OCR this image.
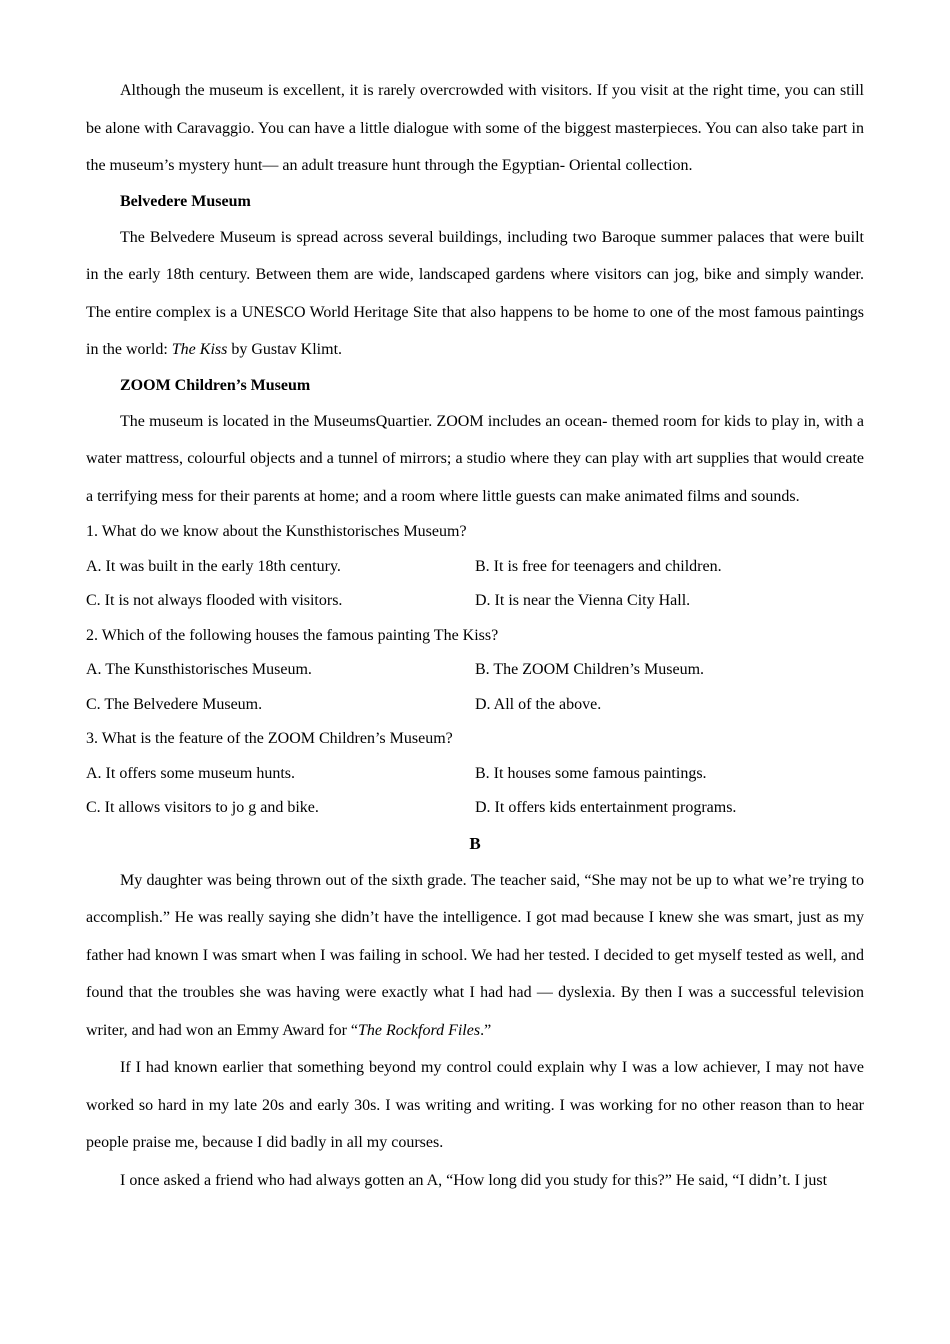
Although the museum is excellent, it is rarely overcrowded with visitors. If you visit at the right time, you can still be alone with Caravaggio. You can have a little dialogue with some of the biggest masterpieces. You can also take part in the museum’s mystery hunt— an adult treasure hunt through the Egyptian- Oriental collection.

Belvedere Museum

The Belvedere Museum is spread across several buildings, including two Baroque summer palaces that were built in the early 18th century. Between them are wide, landscaped gardens where visitors can jog, bike and simply wander. The entire complex is a UNESCO World Heritage Site that also happens to be home to one of the most famous paintings in the world: The Kiss by Gustav Klimt.

ZOOM Children’s Museum

The museum is located in the MuseumsQuartier. ZOOM includes an ocean- themed room for kids to play in, with a water mattress, colourful objects and a tunnel of mirrors; a studio where they can play with art supplies that would create a terrifying mess for their parents at home; and a room where little guests can make animated films and sounds.

1. What do we know about the Kunsthistorisches Museum?

A. It was built in the early 18th century.	B. It is free for teenagers and children.
C. It is not always flooded with visitors.	D. It is near the Vienna City Hall.

2. Which of the following houses the famous painting The Kiss?

A. The Kunsthistorisches Museum.	B. The ZOOM Children’s Museum.
C. The Belvedere Museum.	D. All of the above.

3. What is the feature of the ZOOM Children’s Museum?

A. It offers some museum hunts.	B. It houses some famous paintings.
C. It allows visitors to jo g and bike.	D. It offers kids entertainment programs.

B

My daughter was being thrown out of the sixth grade. The teacher said, “She may not be up to what we’re trying to accomplish.” He was really saying she didn’t have the intelligence. I got mad because I knew she was smart, just as my father had known I was smart when I was failing in school. We had her tested. I decided to get myself tested as well, and found that the troubles she was having were exactly what I had had — dyslexia. By then I was a successful television writer, and had won an Emmy Award for “The Rockford Files.”

If I had known earlier that something beyond my control could explain why I was a low achiever, I may not have worked so hard in my late 20s and early 30s. I was writing and writing. I was working for no other reason than to hear people praise me, because I did badly in all my courses.

I once asked a friend who had always gotten an A, “How long did you study for this?” He said, “I didn’t. I just
